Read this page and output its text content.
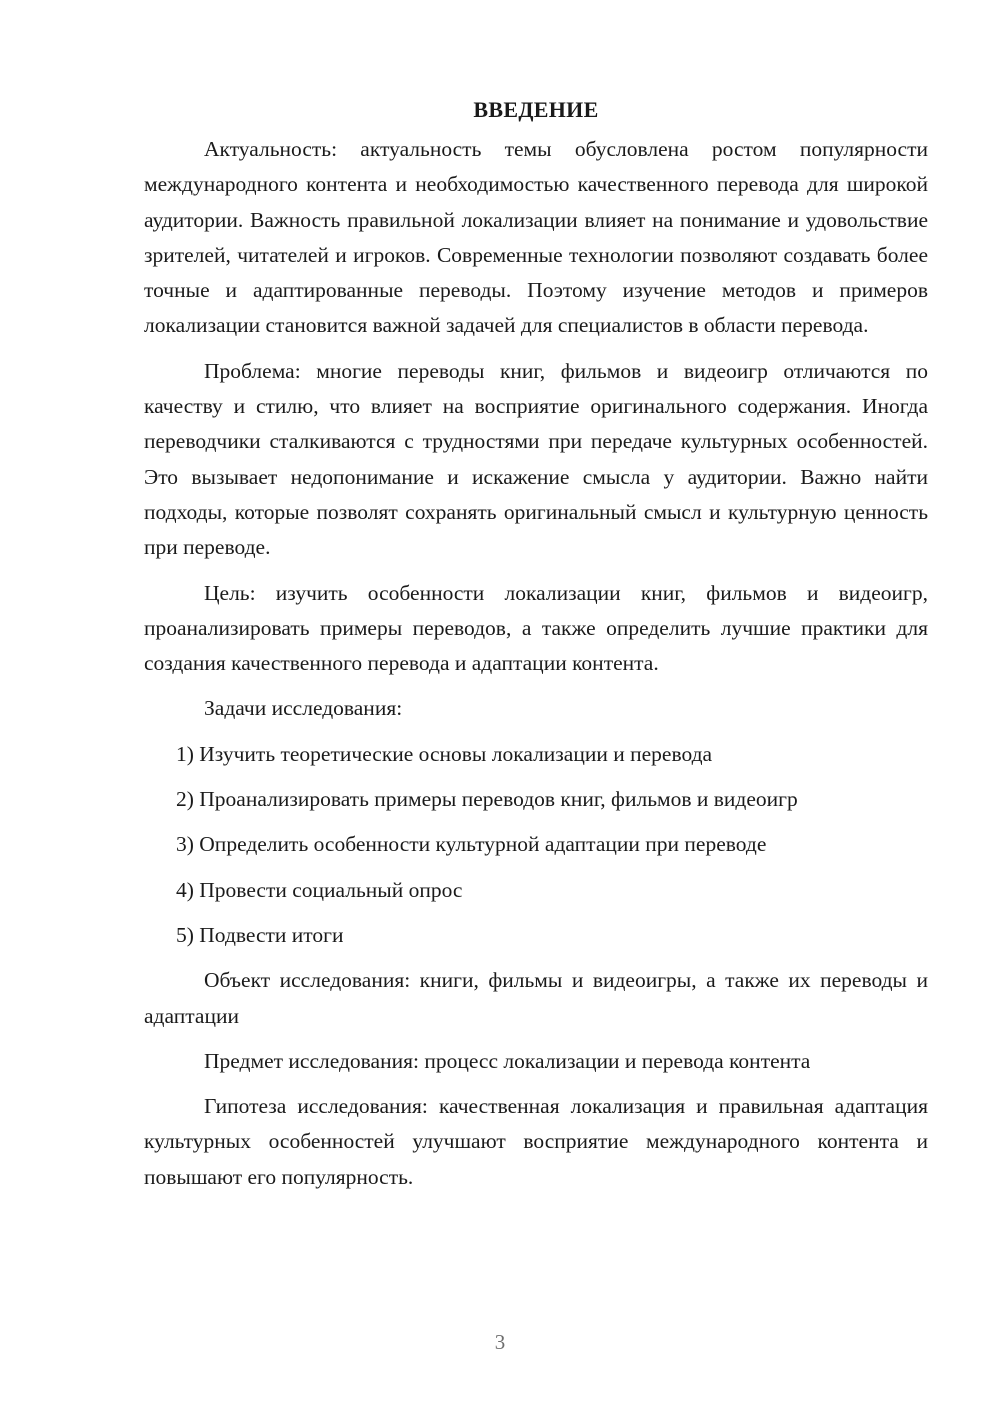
ВВЕДЕНИЕ

Актуальность: актуальность темы обусловлена ростом популярности международного контента и необходимостью качественного перевода для широкой аудитории. Важность правильной локализации влияет на понимание и удовольствие зрителей, читателей и игроков. Современные технологии позволяют создавать более точные и адаптированные переводы. Поэтому изучение методов и примеров локализации становится важной задачей для специалистов в области перевода.

Проблема: многие переводы книг, фильмов и видеоигр отличаются по качеству и стилю, что влияет на восприятие оригинального содержания. Иногда переводчики сталкиваются с трудностями при передаче культурных особенностей. Это вызывает недопонимание и искажение смысла у аудитории. Важно найти подходы, которые позволят сохранять оригинальный смысл и культурную ценность при переводе.

Цель: изучить особенности локализации книг, фильмов и видеоигр, проанализировать примеры переводов, а также определить лучшие практики для создания качественного перевода и адаптации контента.

Задачи исследования:

1) Изучить теоретические основы локализации и перевода
2) Проанализировать примеры переводов книг, фильмов и видеоигр
3) Определить особенности культурной адаптации при переводе
4) Провести социальный опрос
5) Подвести итоги

Объект исследования: книги, фильмы и видеоигры, а также их переводы и адаптации

Предмет исследования: процесс локализации и перевода контента

Гипотеза исследования: качественная локализация и правильная адаптация культурных особенностей улучшают восприятие международного контента и повышают его популярность.

3
